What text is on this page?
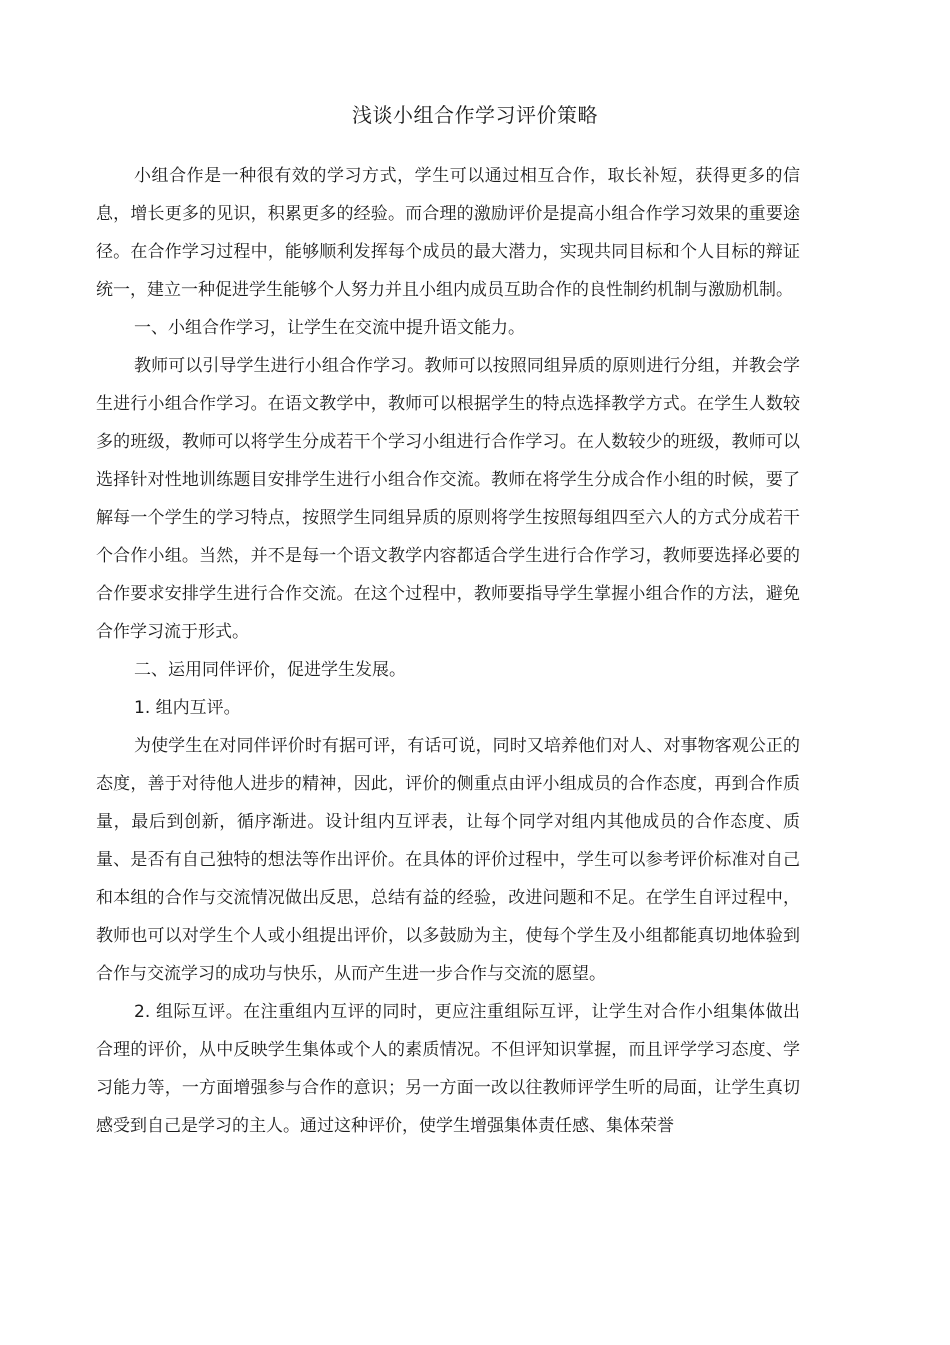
浅谈小组合作学习评价策略

小组合作是一种很有效的学习方式，学生可以通过相互合作，取长补短，获得更多的信息，增长更多的见识，积累更多的经验。而合理的激励评价是提高小组合作学习效果的重要途径。在合作学习过程中，能够顺利发挥每个成员的最大潜力，实现共同目标和个人目标的辩证统一，建立一种促进学生能够个人努力并且小组内成员互助合作的良性制约机制与激励机制。

一、小组合作学习，让学生在交流中提升语文能力。

教师可以引导学生进行小组合作学习。教师可以按照同组异质的原则进行分组，并教会学生进行小组合作学习。在语文教学中，教师可以根据学生的特点选择教学方式。在学生人数较多的班级，教师可以将学生分成若干个学习小组进行合作学习。在人数较少的班级，教师可以选择针对性地训练题目安排学生进行小组合作交流。教师在将学生分成合作小组的时候，要了解每一个学生的学习特点，按照学生同组异质的原则将学生按照每组四至六人的方式分成若干个合作小组。当然，并不是每一个语文教学内容都适合学生进行合作学习，教师要选择必要的合作要求安排学生进行合作交流。在这个过程中，教师要指导学生掌握小组合作的方法，避免合作学习流于形式。

二、运用同伴评价，促进学生发展。

1. 组内互评。

为使学生在对同伴评价时有据可评，有话可说，同时又培养他们对人、对事物客观公正的态度，善于对待他人进步的精神，因此，评价的侧重点由评小组成员的合作态度，再到合作质量，最后到创新，循序渐进。设计组内互评表，让每个同学对组内其他成员的合作态度、质量、是否有自己独特的想法等作出评价。在具体的评价过程中，学生可以参考评价标准对自己和本组的合作与交流情况做出反思，总结有益的经验，改进问题和不足。在学生自评过程中，教师也可以对学生个人或小组提出评价，以多鼓励为主，使每个学生及小组都能真切地体验到合作与交流学习的成功与快乐，从而产生进一步合作与交流的愿望。

2. 组际互评。在注重组内互评的同时，更应注重组际互评，让学生对合作小组集体做出合理的评价，从中反映学生集体或个人的素质情况。不但评知识掌握，而且评学学习态度、学习能力等，一方面增强参与合作的意识；另一方面一改以往教师评学生听的局面，让学生真切感受到自己是学习的主人。通过这种评价，使学生增强集体责任感、集体荣誉
